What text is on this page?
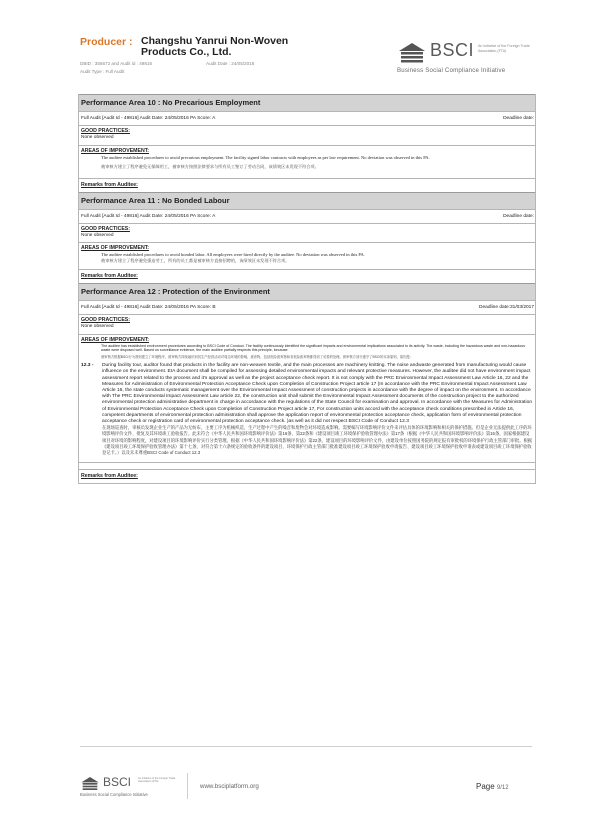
Producer : Changshu Yanrui Non-Woven Products Co., Ltd.
DBID : 356672 and Audit id : 49816	Audit Date : 24/05/2016
Audit Type : Full Audit
BSCI An initiative of the Foreign Trade Association (FTA)
Business Social Compliance Initiative
Performance Area 10 : No Precarious Employment
Full Audit [Audit Id - 49816] Audit Date: 24/05/2016 PA Score: A	Deadline date:
GOOD PRACTICES:
None observed
AREAS OF IMPROVEMENT:
The auditee established procedures to avoid precarious employment. The facility signed labor contracts with employees as per law requirement. No deviation was observed in this PA.
被审核方建立了程序避免无保障用工，被审核方按照法律要求与所有员工签订了劳动合同，该绩效区未发现不符合项。
Remarks from Auditee:
Performance Area 11 : No Bonded Labour
Full Audit [Audit Id - 49816] Audit Date: 24/05/2016 PA Score: A	Deadline date:
GOOD PRACTICES:
None observed
AREAS OF IMPROVEMENT:
The auditee established procedures to avoid bonded labor. All employees were hired directly by the auditee. No deviation was observed in this PA.
被审核方建立了程序避免强迫劳工，所有的员工都是被审核方直接招聘的，该绩效区未发现不符合项。
Remarks from Auditee:
Performance Area 12 : Protection of the Environment
Full Audit [Audit Id - 49816] Audit Date: 24/05/2016 PA Score: B	Deadline date:31/03/2017
GOOD PRACTICES:
None observed
AREAS OF IMPROVEMENT:
The auditee has established environment procedures according to BSCI Code of Conduct. The facility continuously identified the significant impacts and environmental implications associated to its activity. The waste, including the hazardous waste and non-hazardous waste were disposed well. Based on surveillance evidence, the main auditee partially respects this principle, because:
被审核方根据BSCI行为准则建立了环境程序，被审核方持续地识别其生产经营活动对周边环境的影响，废弃物，包括危险废弃物和非危险废弃物都得到了妥善的处理。被审核方部分遵守了BSCI的本条原则，原因是：
12.3 -	During facility tour, auditor found that products in the facility are non-weaven textile, and the main processes are machinery knitting. The noise andwaste generated from manufacturing would cause influence on the environment. EIA document shall be compiled for assessing detailed environmental impacts and relevant protective measures. However, the auditee did not have environment impact assessment report related to the process and it's approval as well as the project acceptance check report. It is not comply with the PRC Environmental Impact Assessment Law Article 16, 22 and the Measures for Administration of Environmental Protection Acceptance Check upon Completion of Construction Project article 17 (In accordance with the PRC Environmental Impact Assessment Law Article 16, the state conducts systematic management over the Environmental Impact Assessment of construction projects in accordance with the degree of impact on the environment. In accordance with The PRC Environmental Impact Assessment Law article 22, the construction unit shall submit the Environmental Impact Assessment documents of the construction project to the authorized environmental protection administrative department in charge in accordance with the regulations of the State Council for examination and approval. In accordance with the Measures for Administration of Environmental Protection Acceptance Check upon Completion of Construction Project article 17, For construction units accord with the acceptance check conditions prescribed in Article 16, competent departments of environmental protection administration shall approve the application report of environmental protection acceptance check, application form of environmental protection acceptance check or registration card of environmental protection acceptance check. )as well as it did not respect BSCI Code of Conduct 12.3
在现场巡查时，审核员发现企业生产的产品为无纺布，主要工序为机械织造，生产过程中产生的噪音和废物会对环境造成影响。需要编写环境影响评价文件来评估具体的环境影响和相关的保护措施。但是企业无法提供此工序的环境影响评价文件、批复及其环境竣工验收报告。此未符合《中华人民共和国环境影响评价法》第16条、第22条和《建设项目竣工环境保护验收管理办法》第17条（根据《中华人民共和国环境影响评价法》第16条，国家根据建设项目对环境的影响程度，对建设项目的环境影响评价实行分类管理。根据《中华人民共和国环境影响评价法》第22条，建设项目的环境影响评价文件，由建设单位按照国务院的规定报有审批权的环境保护行政主管部门审批。根据《建设项目竣工环境保护验收管理办法》第十七条，对符合第十六条规定的验收条件的建设项目，环境保护行政主管部门批准建设项目竣工环境保护验收申请报告、建设项目竣工环境保护验收申请表或建设项目竣工环境保护验收登记卡。）以及未未尊重BSCI Code of Conduct 12.3
Remarks from Auditee:
BSCI	An initiative of the Foreign Trade Association (FTA)
Business Social Compliance Initiative
www.bsciplatform.org	Page 9/12
